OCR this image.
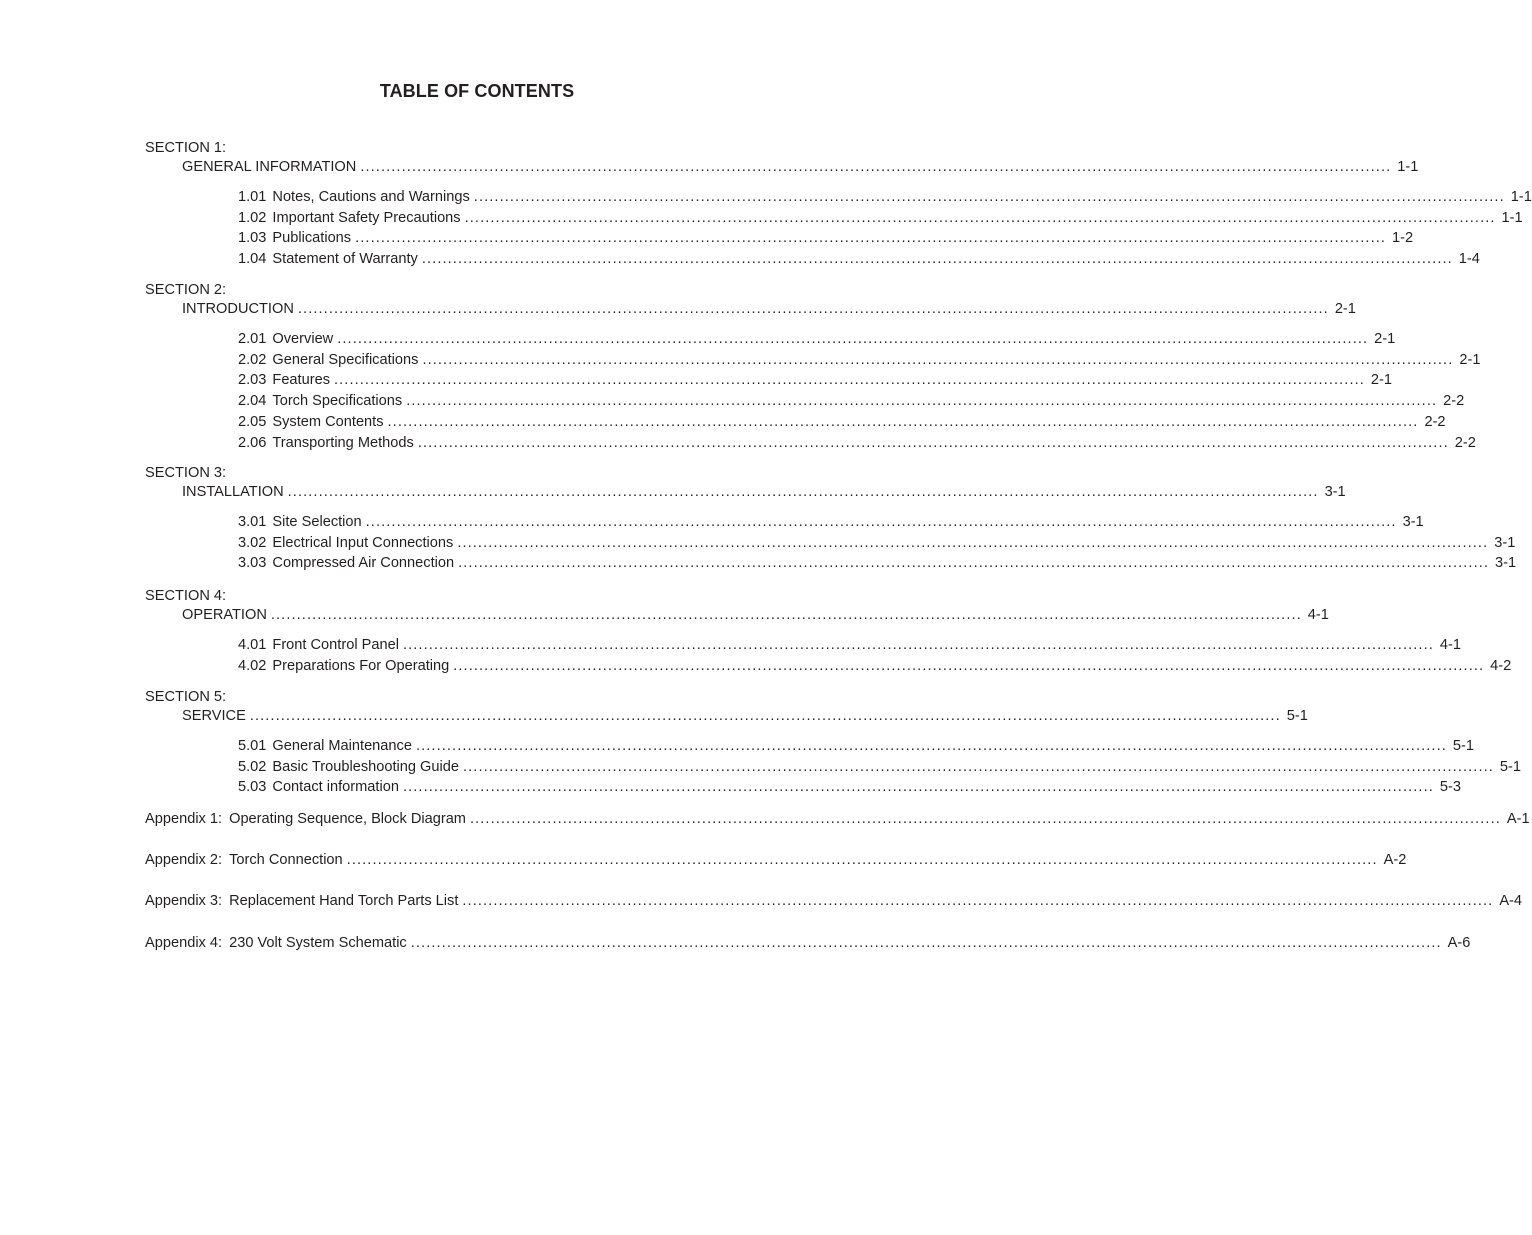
TABLE OF CONTENTS
SECTION 1:
GENERAL INFORMATION ........................................................................................................................................................................................................ 1-1
1.01 Notes, Cautions and Warnings ........................................................................................................................................................................................................ 1-1
1.02 Important Safety Precautions ........................................................................................................................................................................................................ 1-1
1.03 Publications ........................................................................................................................................................................................................ 1-2
1.04 Statement of Warranty ........................................................................................................................................................................................................ 1-4
SECTION 2:
INTRODUCTION ........................................................................................................................................................................................................ 2-1
2.01 Overview ........................................................................................................................................................................................................ 2-1
2.02 General Specifications ........................................................................................................................................................................................................ 2-1
2.03 Features ........................................................................................................................................................................................................ 2-1
2.04 Torch Specifications ........................................................................................................................................................................................................ 2-2
2.05 System Contents ........................................................................................................................................................................................................ 2-2
2.06 Transporting Methods ........................................................................................................................................................................................................ 2-2
SECTION 3:
INSTALLATION ........................................................................................................................................................................................................ 3-1
3.01 Site Selection ........................................................................................................................................................................................................ 3-1
3.02 Electrical Input Connections ........................................................................................................................................................................................................ 3-1
3.03 Compressed Air Connection ........................................................................................................................................................................................................ 3-1
SECTION 4:
OPERATION ........................................................................................................................................................................................................ 4-1
4.01 Front Control Panel ........................................................................................................................................................................................................ 4-1
4.02 Preparations For Operating ........................................................................................................................................................................................................ 4-2
SECTION 5:
SERVICE ........................................................................................................................................................................................................ 5-1
5.01 General Maintenance ........................................................................................................................................................................................................ 5-1
5.02 Basic Troubleshooting Guide ........................................................................................................................................................................................................ 5-1
5.03 Contact information ........................................................................................................................................................................................................ 5-3
Appendix 1: Operating Sequence, Block Diagram ........................................................................................................................................................................................................ A-1
Appendix 2: Torch Connection ........................................................................................................................................................................................................ A-2
Appendix 3: Replacement Hand Torch Parts List ........................................................................................................................................................................................................ A-4
Appendix 4: 230 Volt System Schematic ........................................................................................................................................................................................................ A-6
